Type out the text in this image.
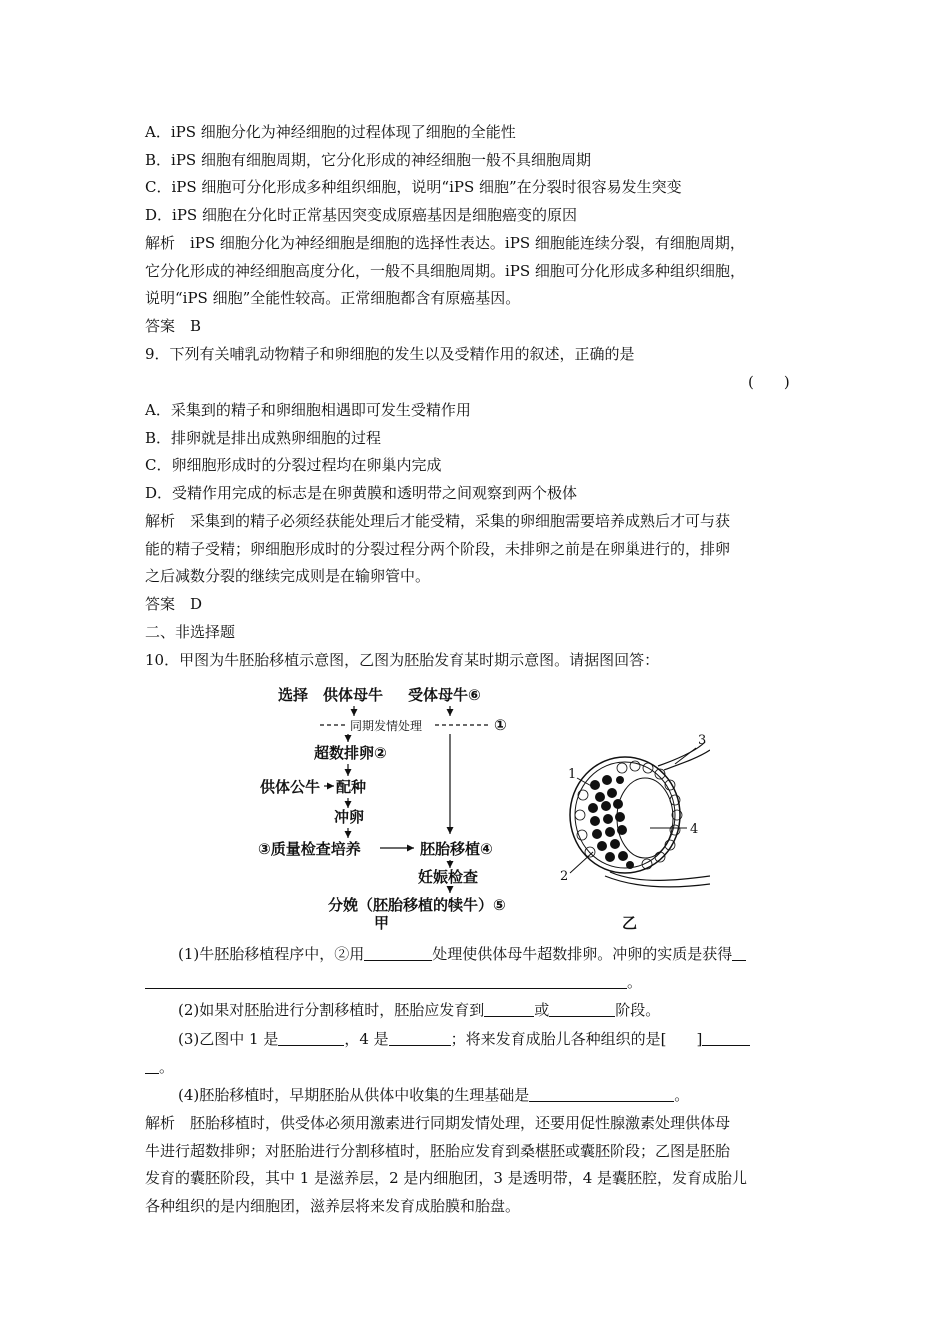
A．iPS 细胞分化为神经细胞的过程体现了细胞的全能性
B．iPS 细胞有细胞周期，它分化形成的神经细胞一般不具细胞周期
C．iPS 细胞可分化形成多种组织细胞，说明“iPS 细胞”在分裂时很容易发生突变
D．iPS 细胞在分化时正常基因突变成原癌基因是细胞癌变的原因
解析　iPS 细胞分化为神经细胞是细胞的选择性表达。iPS 细胞能连续分裂，有细胞周期，
它分化形成的神经细胞高度分化，一般不具细胞周期。iPS 细胞可分化形成多种组织细胞，
说明“iPS 细胞”全能性较高。正常细胞都含有原癌基因。
答案　B
9．下列有关哺乳动物精子和卵细胞的发生以及受精作用的叙述，正确的是
(　　)
A．采集到的精子和卵细胞相遇即可发生受精作用
B．排卵就是排出成熟卵细胞的过程
C．卵细胞形成时的分裂过程均在卵巢内完成
D．受精作用完成的标志是在卵黄膜和透明带之间观察到两个极体
解析　采集到的精子必须经获能处理后才能受精，采集的卵细胞需要培养成熟后才可与获
能的精子受精；卵细胞形成时的分裂过程分两个阶段，未排卵之前是在卵巢进行的，排卵
之后减数分裂的继续完成则是在输卵管中。
答案　D
二、非选择题
10．甲图为牛胚胎移植示意图，乙图为胚胎发育某时期示意图。请据图回答：
选择 供体母牛 受体母牛⑥
同期发情处理	①
超数排卵②
供体公牛 配种
冲卵
③质量检查培养	胚胎移植④
妊娠检查
分娩（胚胎移植的犊牛）⑤
甲
1
2
3
4
乙
(1)牛胚胎移植程序中，②用	处理使供体母牛超数排卵。冲卵的实质是获得
。
(2)如果对胚胎进行分割移植时，胚胎应发育到	或	阶段。
(3)乙图中 1 是	，4 是	；将来发育成胎儿各种组织的是[　　]
。
(4)胚胎移植时，早期胚胎从供体中收集的生理基础是	。
解析　胚胎移植时，供受体必须用激素进行同期发情处理，还要用促性腺激素处理供体母
牛进行超数排卵；对胚胎进行分割移植时，胚胎应发育到桑椹胚或囊胚阶段；乙图是胚胎
发育的囊胚阶段，其中 1 是滋养层，2 是内细胞团，3 是透明带，4 是囊胚腔，发育成胎儿
各种组织的是内细胞团，滋养层将来发育成胎膜和胎盘。
